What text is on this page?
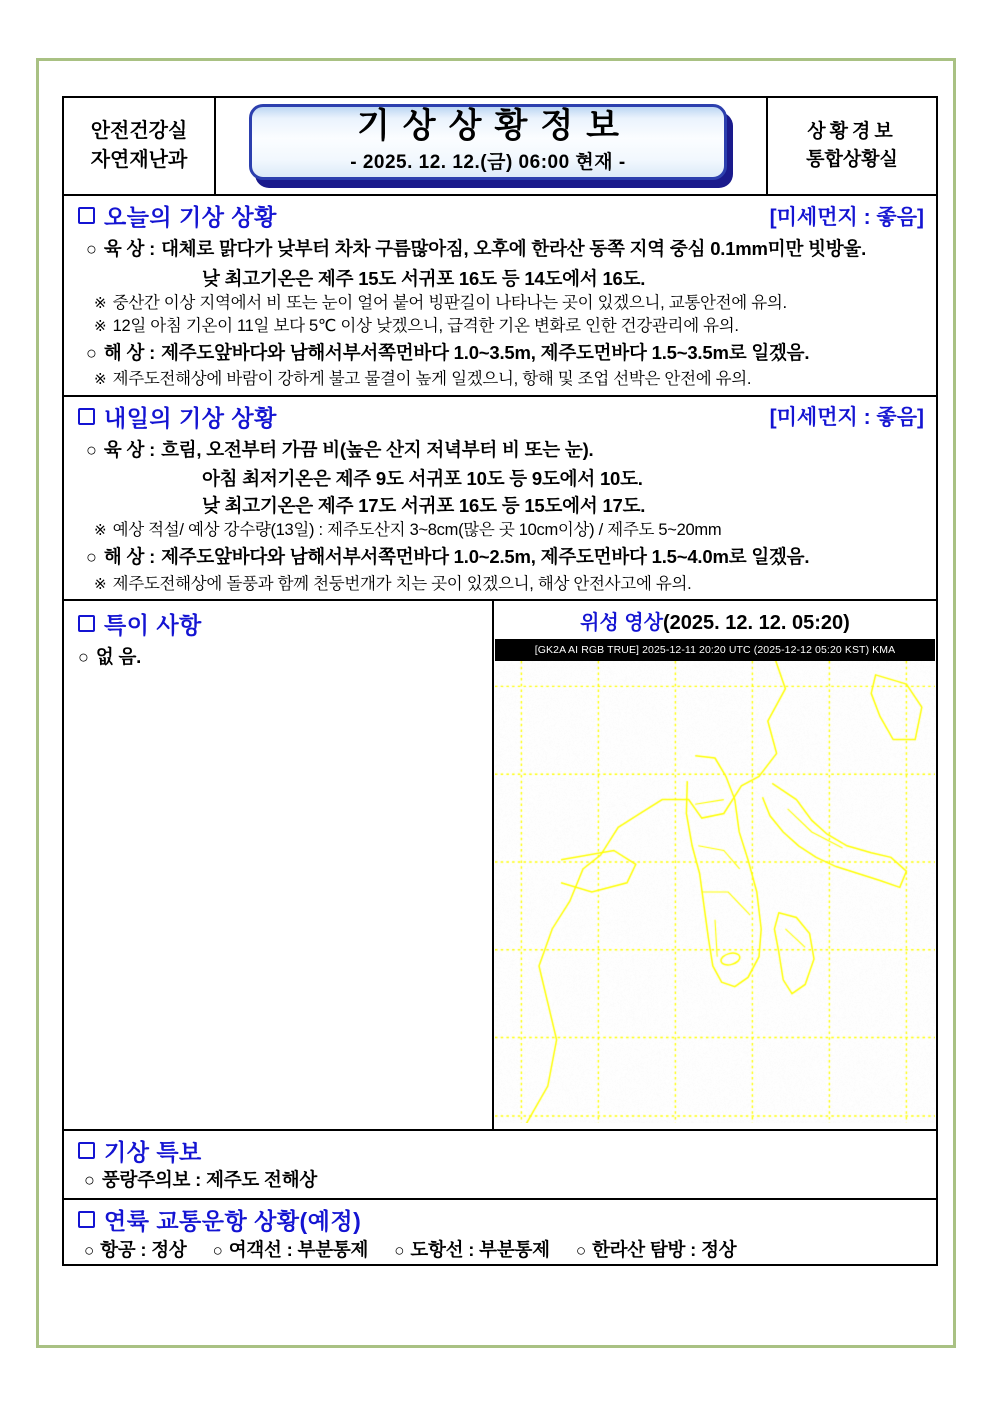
안전건강실
자연재난과
기상상황정보
- 2025. 12. 12.(금) 06:00 현재 -
상황경보
통합상황실
오늘의 기상 상황	[미세먼지 : 좋음]
○ 육 상 : 대체로 맑다가 낮부터 차차 구름많아짐, 오후에 한라산 동쪽 지역 중심 0.1mm미만 빗방울.
낮 최고기온은 제주 15도 서귀포 16도 등 14도에서 16도.
※ 중산간 이상 지역에서 비 또는 눈이 얼어 붙어 빙판길이 나타나는 곳이 있겠으니, 교통안전에 유의.
※ 12일 아침 기온이 11일 보다 5℃ 이상 낮겠으니, 급격한 기온 변화로 인한 건강관리에 유의.
○ 해 상 : 제주도앞바다와 남해서부서쪽먼바다 1.0~3.5m, 제주도먼바다 1.5~3.5m로 일겠음.
※ 제주도전해상에 바람이 강하게 불고 물결이 높게 일겠으니, 항해 및 조업 선박은 안전에 유의.
내일의 기상 상황	[미세먼지 : 좋음]
○ 육 상 : 흐림, 오전부터 가끔 비(높은 산지 저녁부터 비 또는 눈).
아침 최저기온은 제주 9도 서귀포 10도 등 9도에서 10도.
낮 최고기온은 제주 17도 서귀포 16도 등 15도에서 17도.
※ 예상 적설/ 예상 강수량(13일) : 제주도산지 3~8cm(많은 곳 10cm이상) / 제주도 5~20mm
○ 해 상 : 제주도앞바다와 남해서부서쪽먼바다 1.0~2.5m, 제주도먼바다 1.5~4.0m로 일겠음.
※ 제주도전해상에 돌풍과 함께 천둥번개가 치는 곳이 있겠으니, 해상 안전사고에 유의.
특이 사항
○ 없 음.
위성 영상(2025. 12. 12. 05:20)
[GK2A AI RGB TRUE] 2025-12-11 20:20 UTC (2025-12-12 05:20 KST) KMA
기상 특보
○ 풍랑주의보 : 제주도 전해상
연륙 교통운항 상황(예정)
○ 항공 : 정상 ○ 여객선 : 부분통제 ○ 도항선 : 부분통제 ○ 한라산 탐방 : 정상
